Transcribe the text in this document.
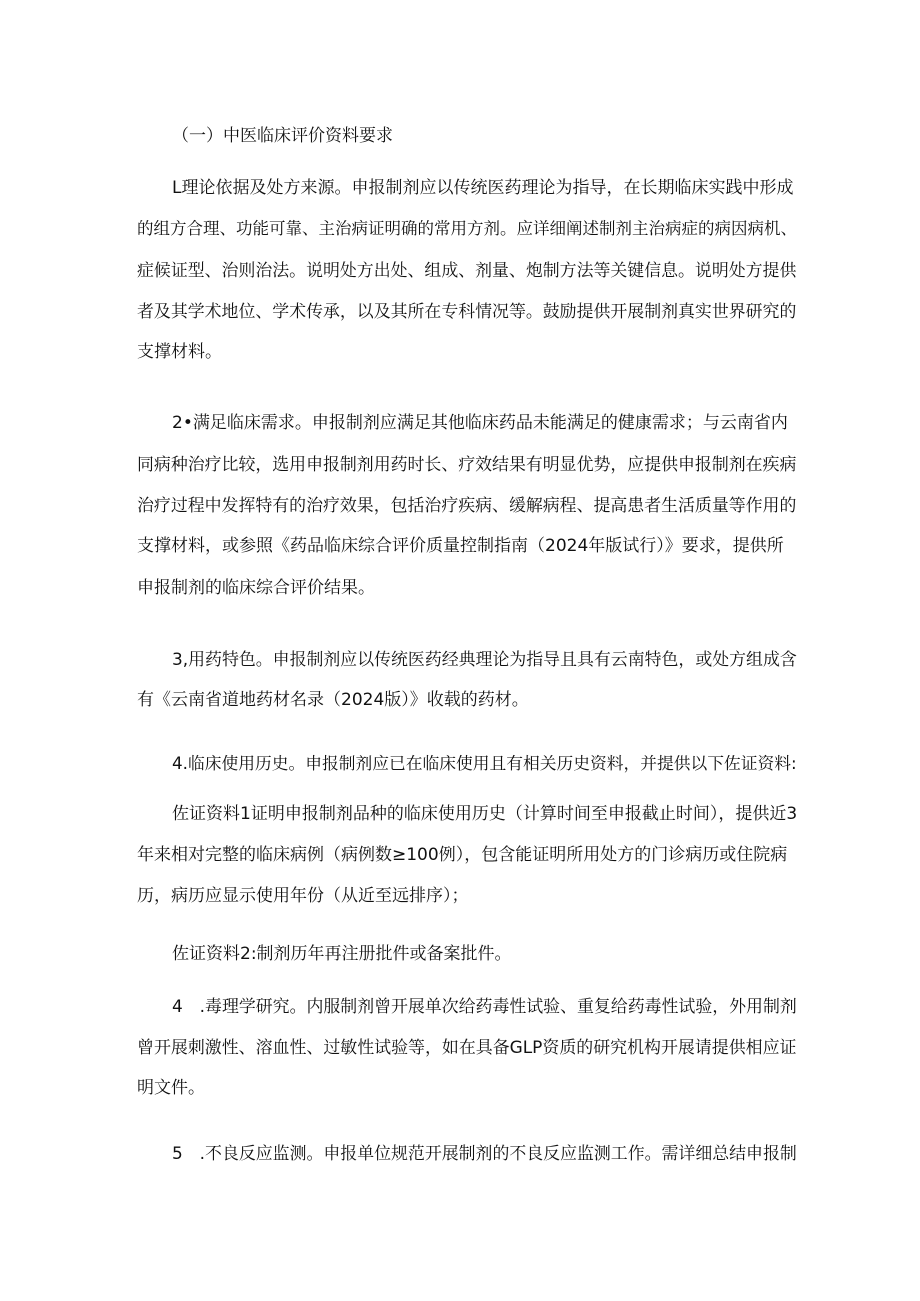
（一）中医临床评价资料要求
L理论依据及处方来源。申报制剂应以传统医药理论为指导，在长期临床实践中形成
的组方合理、功能可靠、主治病证明确的常用方剂。应详细阐述制剂主治病症的病因病机、
症候证型、治则治法。说明处方出处、组成、剂量、炮制方法等关键信息。说明处方提供
者及其学术地位、学术传承，以及其所在专科情况等。鼓励提供开展制剂真实世界研究的
支撑材料。
2•满足临床需求。申报制剂应满足其他临床药品未能满足的健康需求；与云南省内
同病种治疗比较，选用申报制剂用药时长、疗效结果有明显优势，应提供申报制剂在疾病
治疗过程中发挥特有的治疗效果，包括治疗疾病、缓解病程、提高患者生活质量等作用的
支撑材料，或参照《药品临床综合评价质量控制指南（2024年版试行）》要求，提供所
申报制剂的临床综合评价结果。
3,用药特色。申报制剂应以传统医药经典理论为指导且具有云南特色，或处方组成含
有《云南省道地药材名录（2024版）》收载的药材。
4.临床使用历史。申报制剂应已在临床使用且有相关历史资料，并提供以下佐证资料:
佐证资料1证明申报制剂品种的临床使用历史（计算时间至申报截止时间），提供近3
年来相对完整的临床病例（病例数≥100例），包含能证明所用处方的门诊病历或住院病
历，病历应显示使用年份（从近至远排序）；
佐证资料2:制剂历年再注册批件或备案批件。
4　.毒理学研究。内服制剂曾开展单次给药毒性试验、重复给药毒性试验，外用制剂
曾开展刺激性、溶血性、过敏性试验等，如在具备GLP资质的研究机构开展请提供相应证
明文件。
5　.不良反应监测。申报单位规范开展制剂的不良反应监测工作。需详细总结申报制
